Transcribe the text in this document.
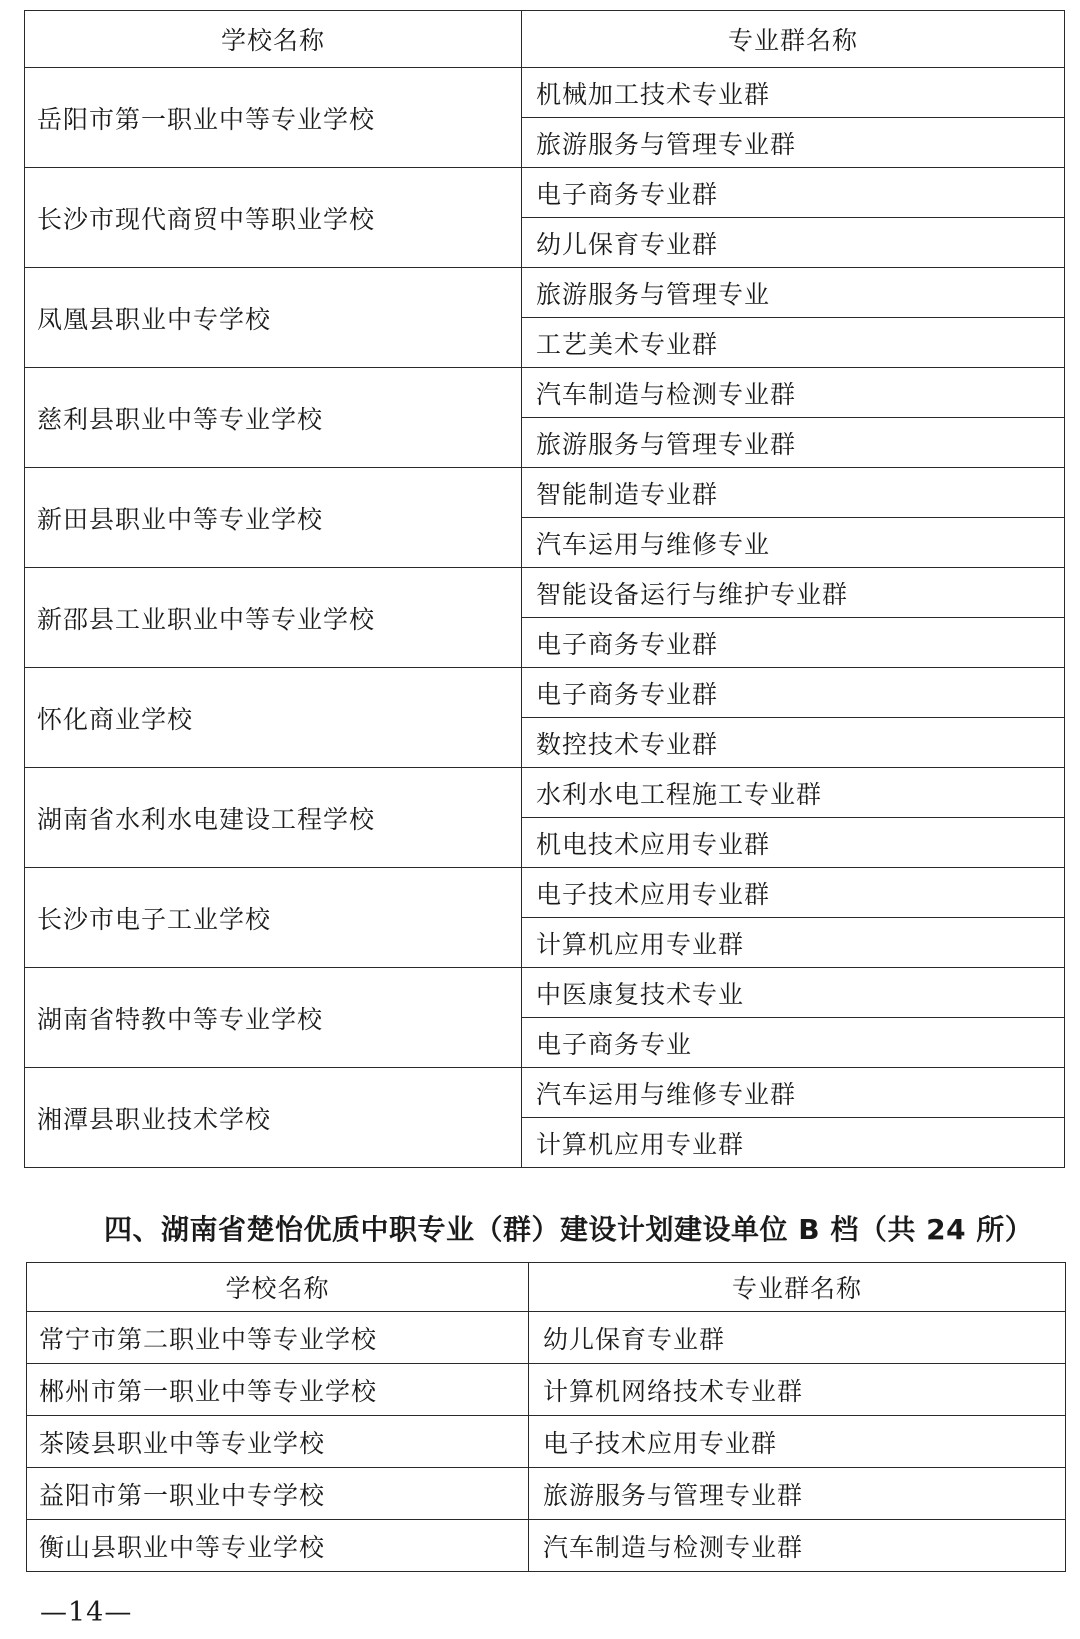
学校名称	专业群名称
岳阳市第一职业中等专业学校	机械加工技术专业群
	旅游服务与管理专业群
长沙市现代商贸中等职业学校	电子商务专业群
	幼儿保育专业群
凤凰县职业中专学校	旅游服务与管理专业
	工艺美术专业群
慈利县职业中等专业学校	汽车制造与检测专业群
	旅游服务与管理专业群
新田县职业中等专业学校	智能制造专业群
	汽车运用与维修专业
新邵县工业职业中等专业学校	智能设备运行与维护专业群
	电子商务专业群
怀化商业学校	电子商务专业群
	数控技术专业群
湖南省水利水电建设工程学校	水利水电工程施工专业群
	机电技术应用专业群
长沙市电子工业学校	电子技术应用专业群
	计算机应用专业群
湖南省特教中等专业学校	中医康复技术专业
	电子商务专业
湘潭县职业技术学校	汽车运用与维修专业群
	计算机应用专业群
四、湖南省楚怡优质中职专业（群）建设计划建设单位 B 档（共 24 所）
学校名称	专业群名称
常宁市第二职业中等专业学校	幼儿保育专业群
郴州市第一职业中等专业学校	计算机网络技术专业群
茶陵县职业中等专业学校	电子技术应用专业群
益阳市第一职业中专学校	旅游服务与管理专业群
衡山县职业中等专业学校	汽车制造与检测专业群
—14—
